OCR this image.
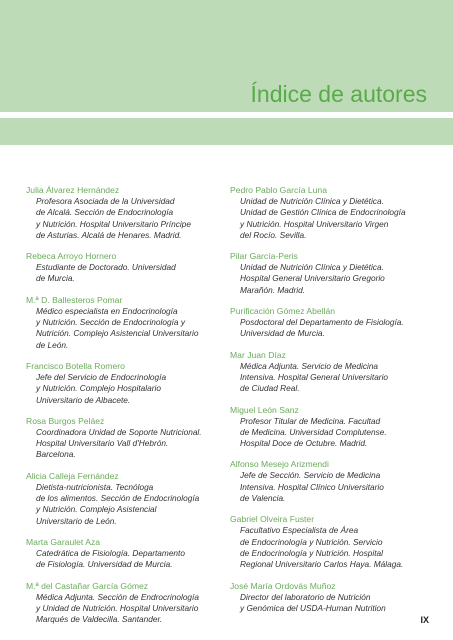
Índice de autores
Julia Álvarez Hernández
Profesora Asociada de la Universidad
de Alcalá. Sección de Endocrinología
y Nutrición. Hospital Universitario Príncipe
de Asturias. Alcalá de Henares. Madrid.
Rebeca Arroyo Hornero
Estudiante de Doctorado. Universidad
de Murcia.
M.ª D. Ballesteros Pomar
Médico especialista en Endocrinología
y Nutrición. Sección de Endocrinología y
Nutrición. Complejo Asistencial Universitario
de León.
Francisco Botella Romero
Jefe del Servicio de Endocrinología
y Nutrición. Complejo Hospitalario
Universitario de Albacete.
Rosa Burgos Peláez
Coordinadora Unidad de Soporte Nutricional.
Hospital Universitario Vall d'Hebrón.
Barcelona.
Alicia Calleja Fernández
Dietista-nutricionista. Tecnóloga
de los alimentos. Sección de Endocrinología
y Nutrición. Complejo Asistencial
Universitario de León.
Marta Garaulet Aza
Catedrática de Fisiología. Departamento
de Fisiología. Universidad de Murcia.
M.ª del Castañar García Gómez
Médica Adjunta. Sección de Endrocrinología
y Unidad de Nutrición. Hospital Universitario
Marqués de Valdecilla. Santander.
Pedro Pablo García Luna
Unidad de Nutrición Clínica y Dietética.
Unidad de Gestión Clínica de Endocrinología
y Nutrición. Hospital Universitario Virgen
del Rocío. Sevilla.
Pilar García-Peris
Unidad de Nutrición Clínica y Dietética.
Hospital General Universitario Gregorio
Marañón. Madrid.
Purificación Gómez Abellán
Posdoctoral del Departamento de Fisiología.
Universidad de Murcia.
Mar Juan Díaz
Médica Adjunta. Servicio de Medicina
Intensiva. Hospital General Universitario
de Ciudad Real.
Miguel León Sanz
Profesor Titular de Medicina. Facultad
de Medicina. Universidad Complutense.
Hospital Doce de Octubre. Madrid.
Alfonso Mesejo Arizmendi
Jefe de Sección. Servicio de Medicina
Intensiva. Hospital Clínico Universitario
de Valencia.
Gabriel Olveira Fuster
Facultativo Especialista de Área
de Endocrinología y Nutrición. Servicio
de Endocrinología y Nutrición. Hospital
Regional Universitario Carlos Haya. Málaga.
José María Ordovás Muñoz
Director del laboratorio de Nutrición
y Genómica del USDA-Human Nutrition
IX
